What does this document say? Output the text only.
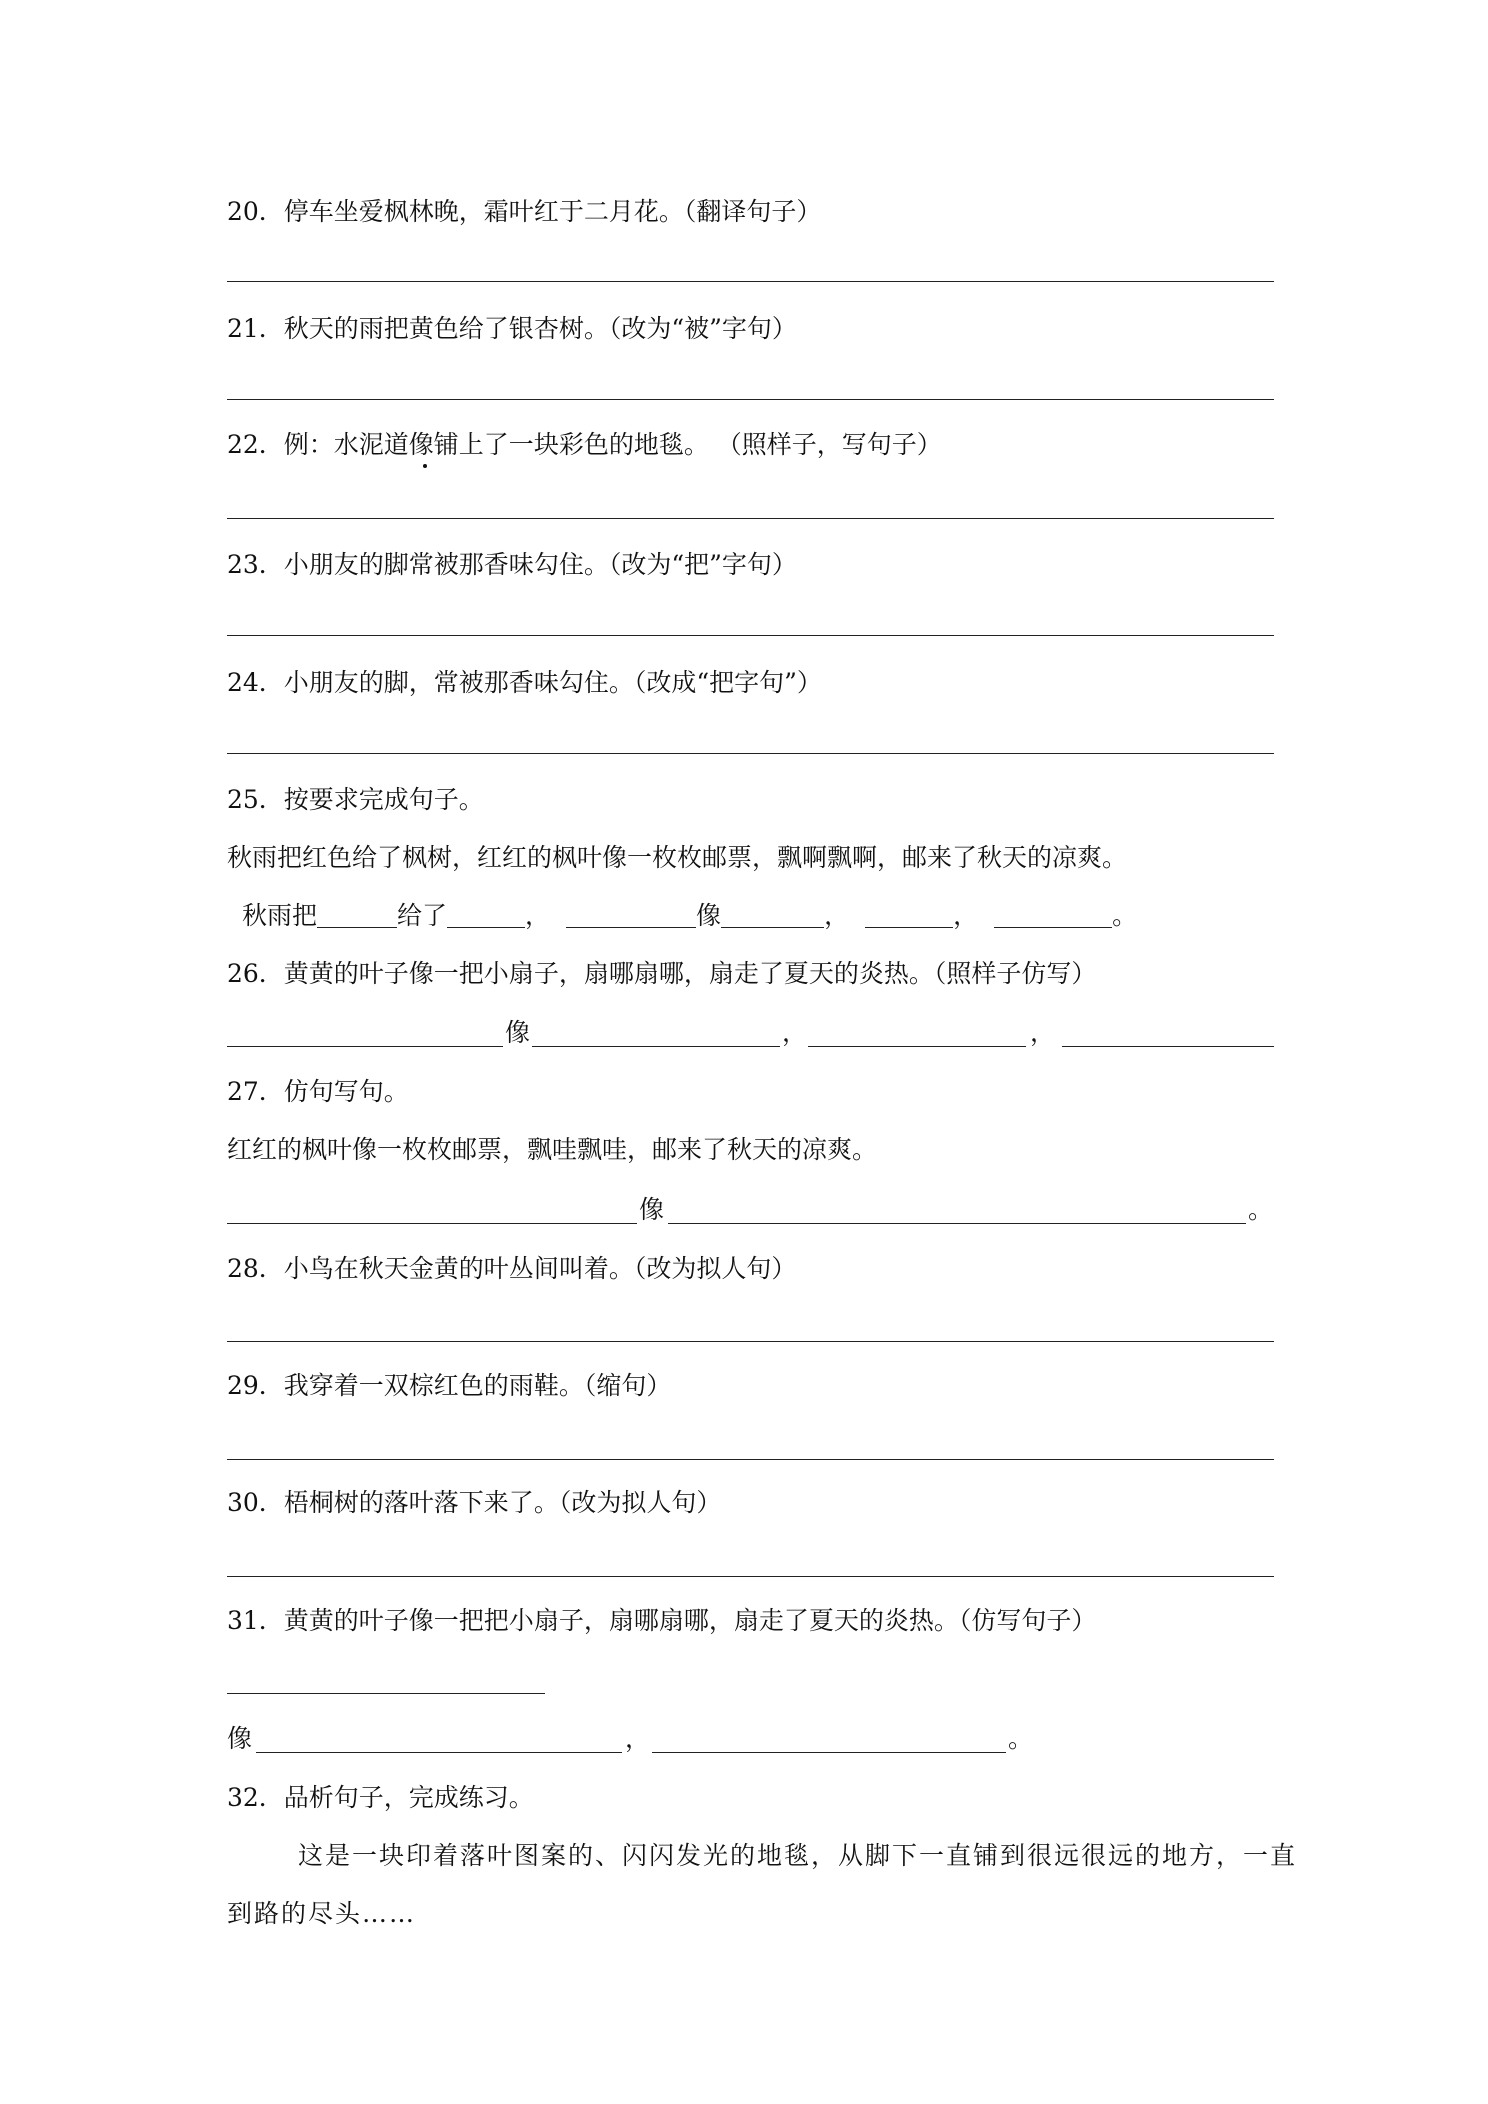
20．停车坐爱枫林晚，霜叶红于二月花。（翻译句子）
21．秋天的雨把黄色给了银杏树。（改为“被”字句）
22．例：水泥道像铺上了一块彩色的地毯。 （照样子，写句子）
23．小朋友的脚常被那香味勾住。（改为“把”字句）
24．小朋友的脚，常被那香味勾住。（改成“把字句”）
25．按要求完成句子。
秋雨把红色给了枫树，红红的枫叶像一枚枚邮票，飘啊飘啊，邮来了秋天的凉爽。
秋雨把	给了	，	像	，	，	。
26．黄黄的叶子像一把小扇子，扇哪扇哪，扇走了夏天的炎热。（照样子仿写）
像	，	，
27．仿句写句。
红红的枫叶像一枚枚邮票，飘哇飘哇，邮来了秋天的凉爽。
像	。
28．小鸟在秋天金黄的叶丛间叫着。（改为拟人句）
29．我穿着一双棕红色的雨鞋。（缩句）
30．梧桐树的落叶落下来了。（改为拟人句）
31．黄黄的叶子像一把把小扇子，扇哪扇哪，扇走了夏天的炎热。（仿写句子）
像	，	。
32．品析句子，完成练习。
这是一块印着落叶图案的、闪闪发光的地毯，从脚下一直铺到很远很远的地方，一直
到路的尽头……
